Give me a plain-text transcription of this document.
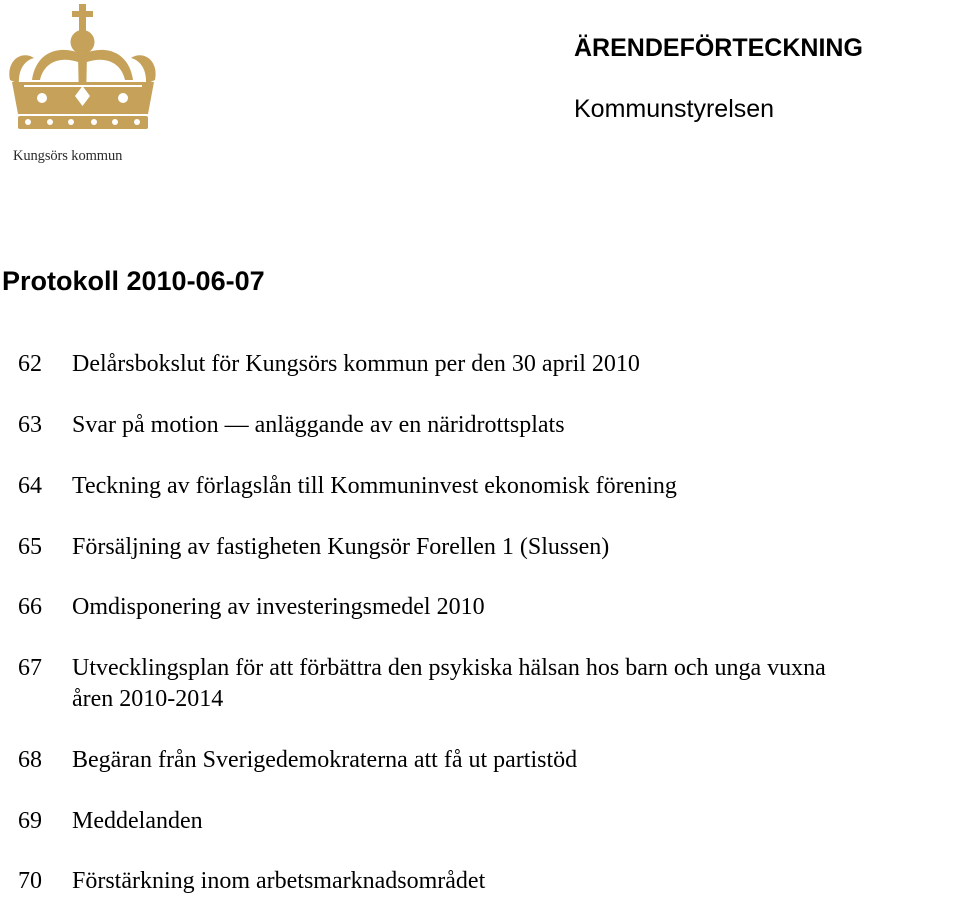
Kungsörs kommun
ÄRENDEFÖRTECKNING
Kommunstyrelsen
Protokoll 2010-06-07
62 Delårsbokslut för Kungsörs kommun per den 30 april 2010
63 Svar på motion — anläggande av en näridrottsplats
64 Teckning av förlagslån till Kommuninvest ekonomisk förening
65 Försäljning av fastigheten Kungsör Forellen 1 (Slussen)
66 Omdisponering av investeringsmedel 2010
67 Utvecklingsplan för att förbättra den psykiska hälsan hos barn och unga vuxna
åren 2010-2014
68 Begäran från Sverigedemokraterna att få ut partistöd
69 Meddelanden
70 Förstärkning inom arbetsmarknadsområdet
